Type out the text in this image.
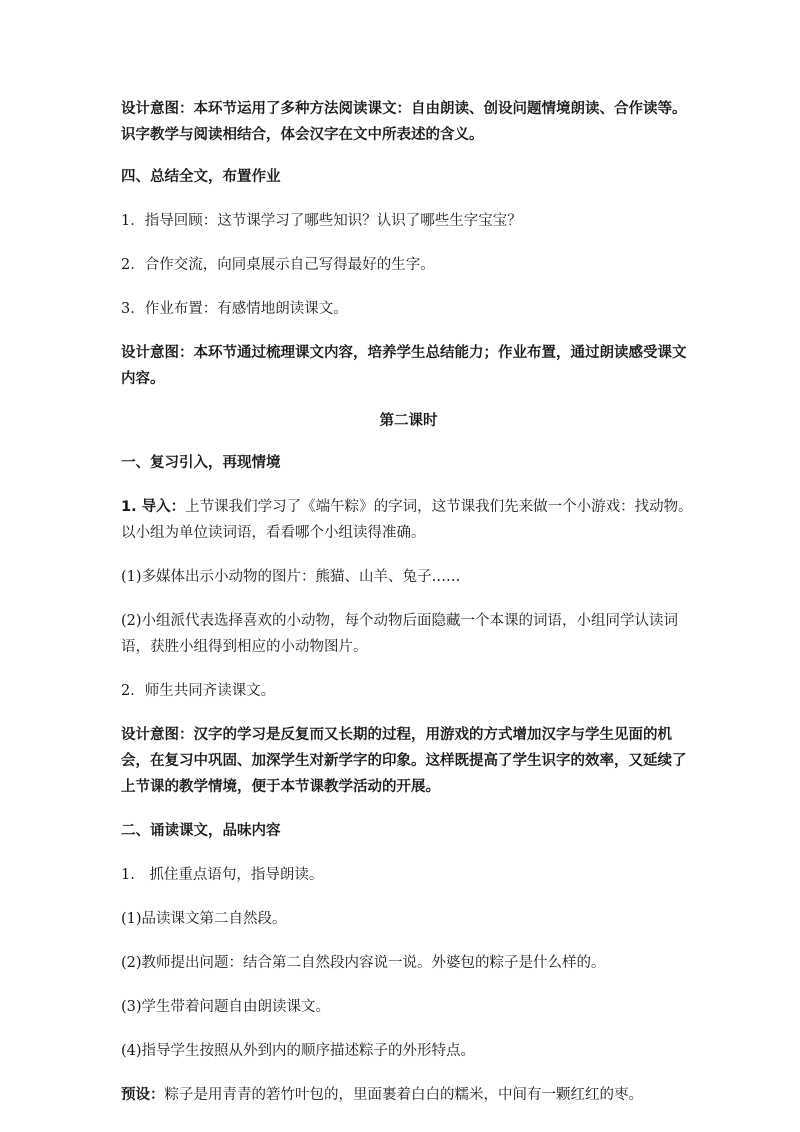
设计意图：本环节运用了多种方法阅读课文：自由朗读、创设问题情境朗读、合作读等。识字教学与阅读相结合，体会汉字在文中所表述的含义。

四、总结全文，布置作业

1．指导回顾：这节课学习了哪些知识？认识了哪些生字宝宝？

2．合作交流，向同桌展示自己写得最好的生字。

3．作业布置：有感情地朗读课文。

设计意图：本环节通过梳理课文内容，培养学生总结能力；作业布置，通过朗读感受课文内容。

第二课时

一、复习引入，再现情境

1. 导入：上节课我们学习了《端午粽》的字词，这节课我们先来做一个小游戏：找动物。以小组为单位读词语，看看哪个小组读得准确。

(1)多媒体出示小动物的图片：熊猫、山羊、兔子……

(2)小组派代表选择喜欢的小动物，每个动物后面隐藏一个本课的词语，小组同学认读词语，获胜小组得到相应的小动物图片。

2．师生共同齐读课文。

设计意图：汉字的学习是反复而又长期的过程，用游戏的方式增加汉字与学生见面的机会，在复习中巩固、加深学生对新学字的印象。这样既提高了学生识字的效率，又延续了上节课的教学情境，便于本节课教学活动的开展。

二、诵读课文，品味内容

1.　抓住重点语句，指导朗读。

(1)品读课文第二自然段。

(2)教师提出问题：结合第二自然段内容说一说。外婆包的粽子是什么样的。

(3)学生带着问题自由朗读课文。

(4)指导学生按照从外到内的顺序描述粽子的外形特点。

预设：粽子是用青青的箬竹叶包的，里面裹着白白的糯米，中间有一颗红红的枣。
